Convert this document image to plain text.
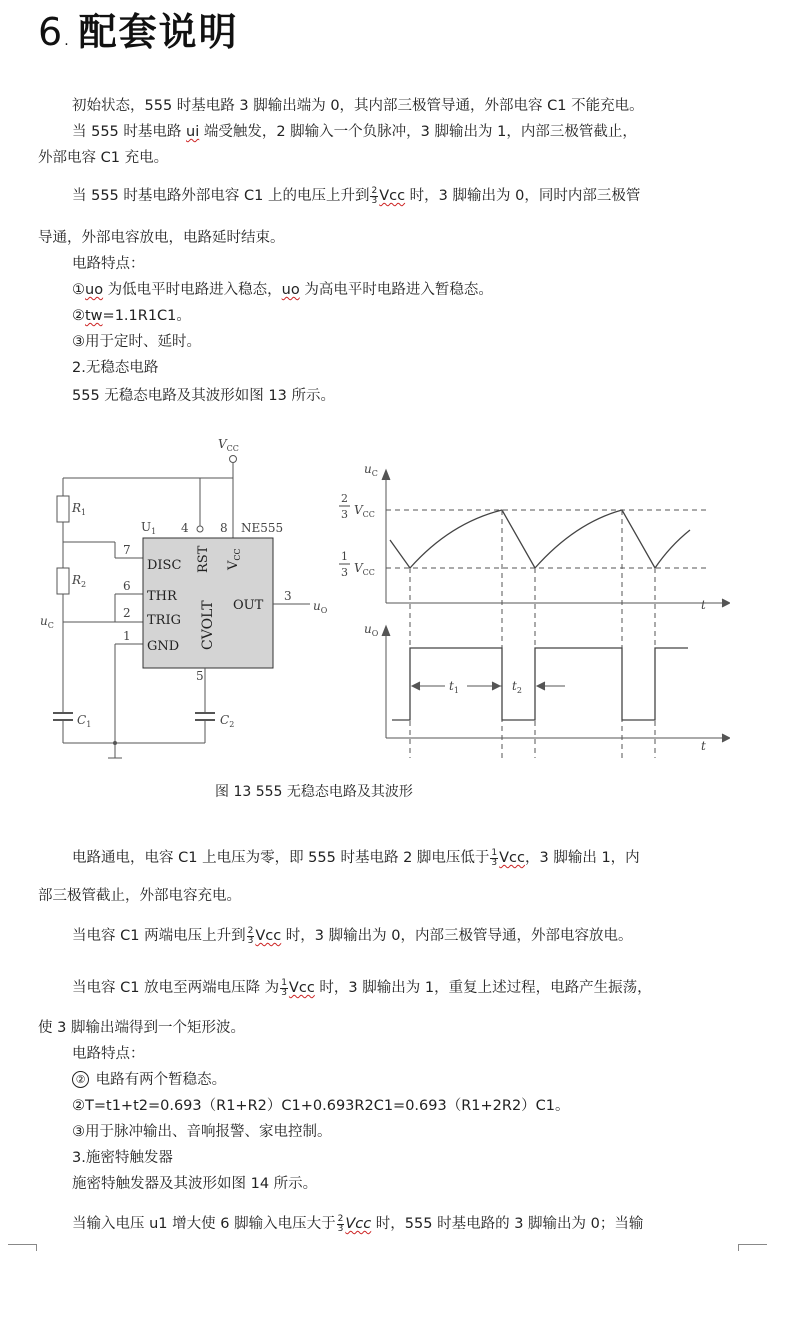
6 . 配套说明
初始状态，555 时基电路 3 脚输出端为 0，其内部三极管导通，外部电容 C1 不能充电。
当 555 时基电路 ui 端受触发，2 脚输入一个负脉冲，3 脚输出为 1，内部三极管截止，
外部电容 C1 充电。
当 555 时基电路外部电容 C1 上的电压上升到 $\frac{2}{3}$ Vcc 时，3 脚输出为 0，同时内部三极管
导通，外部电容放电，电路延时结束。
电路特点：
①uo 为低电平时电路进入稳态，uo 为高电平时电路进入暂稳态。
②tw=1.1R1C1。
③用于定时、延时。
2.无稳态电路
555 无稳态电路及其波形如图 13 所示。
$V_{CC}$
$R_1$
$R_2$
$C_1$	$C_2$
$u_C$
$u_O$
$U_1$	NE555
4	8
7
6
2
1
3
5
DISC
THR
TRIG
GND
OUT
RST $V_{CC}$
CVOLT
$u_C$
$u_O$
t
t
2
3 $V_{CC}$
1
3 $V_{CC}$
$t_1$	$t_2$
图 13 555 无稳态电路及其波形
电路通电，电容 C1 上电压为零，即 555 时基电路 2 脚电压低于 $\frac{1}{3}$ Vcc，3 脚输出 1，内
部三极管截止，外部电容充电。
当电容 C1 两端电压上升到 $\frac{2}{3}$ Vcc 时，3 脚输出为 0，内部三极管导通，外部电容放电。
当电容 C1 放电至两端电压降 为 $\frac{1}{3}$ Vcc 时，3 脚输出为 1，重复上述过程，电路产生振荡，
使 3 脚输出端得到一个矩形波。
电路特点：
② 电路有两个暂稳态。
②T=t1+t2=0.693（R1+R2）C1+0.693R2C1=0.693（R1+2R2）C1。
③用于脉冲输出、音响报警、家电控制。
3.施密特触发器
施密特触发器及其波形如图 14 所示。
当输入电压 u1 增大使 6 脚输入电压大于 $\frac{2}{3}$ Vcc 时，555 时基电路的 3 脚输出为 0；当输
